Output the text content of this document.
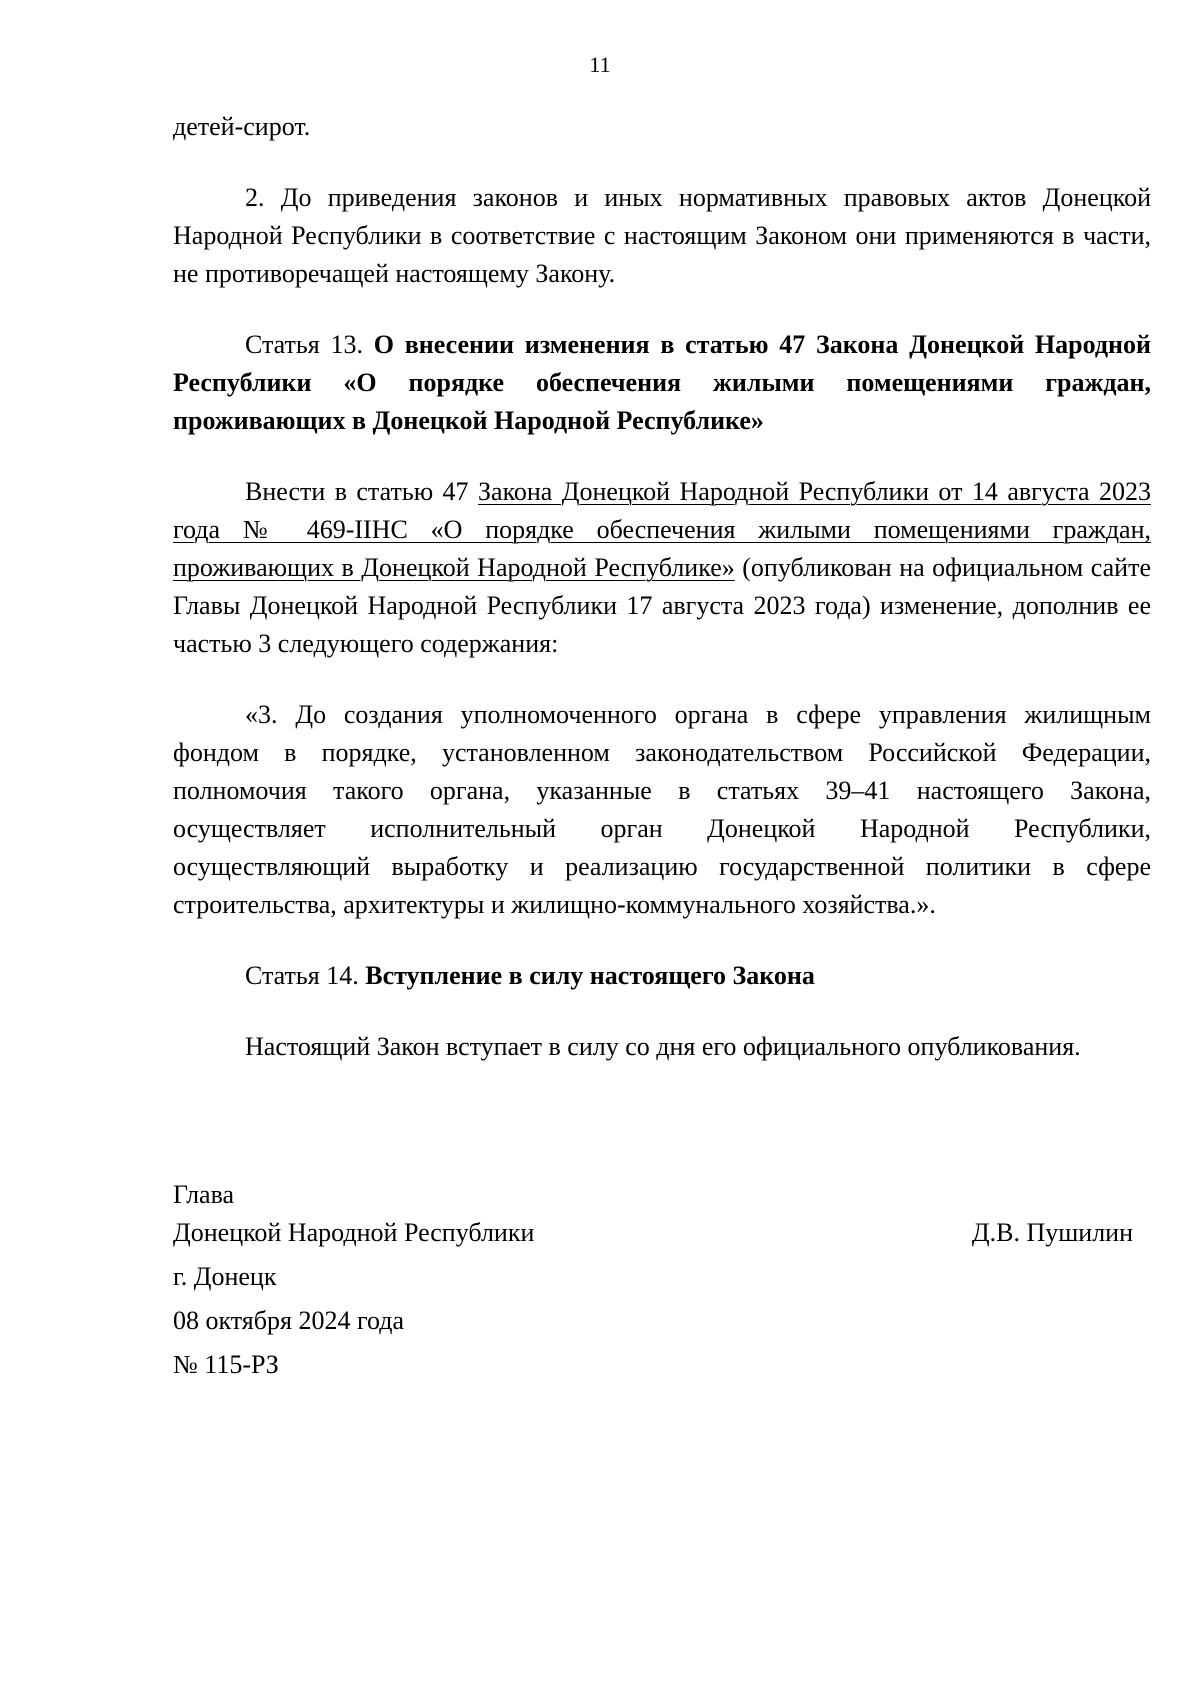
11

детей-сирот.

2. До приведения законов и иных нормативных правовых актов Донецкой Народной Республики в соответствие с настоящим Законом они применяются в части, не противоречащей настоящему Закону.

Статья 13. О внесении изменения в статью 47 Закона Донецкой Народной Республики «О порядке обеспечения жилыми помещениями граждан, проживающих в Донецкой Народной Республике»

Внести в статью 47 Закона Донецкой Народной Республики от 14 августа 2023 года № 469-IIНС «О порядке обеспечения жилыми помещениями граждан, проживающих в Донецкой Народной Республике» (опубликован на официальном сайте Главы Донецкой Народной Республики 17 августа 2023 года) изменение, дополнив ее частью 3 следующего содержания:

«3. До создания уполномоченного органа в сфере управления жилищным фондом в порядке, установленном законодательством Российской Федерации, полномочия такого органа, указанные в статьях 39–41 настоящего Закона, осуществляет исполнительный орган Донецкой Народной Республики, осуществляющий выработку и реализацию государственной политики в сфере строительства, архитектуры и жилищно-коммунального хозяйства.».

Статья 14. Вступление в силу настоящего Закона

Настоящий Закон вступает в силу со дня его официального опубликования.

Глава
Донецкой Народной Республики	Д.В. Пушилин
г. Донецк
08 октября 2024 года
№ 115-РЗ
